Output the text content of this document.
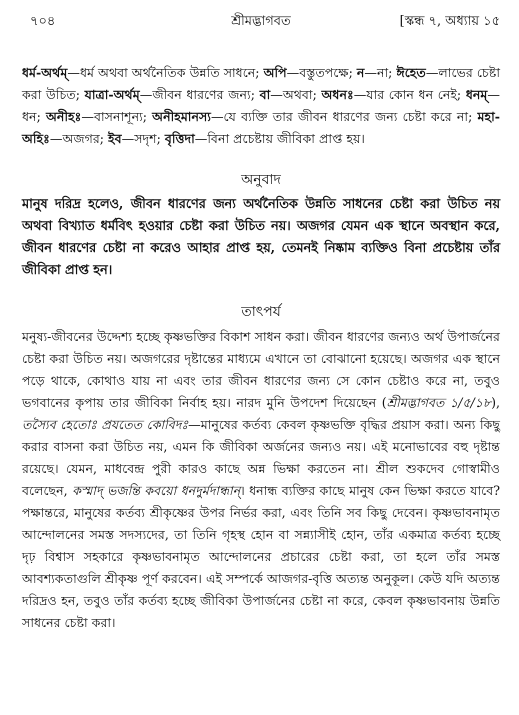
৭০৪	শ্রীমদ্ভাগবত	[স্কন্ধ ৭, অধ্যায় ১৫

ধর্ম-অর্থম্—ধর্ম অথবা অর্থনৈতিক উন্নতি সাধনে; অপি—বস্তুতপক্ষে; ন—না; ঈহেত—লাভের চেষ্টা করা উচিত; যাত্রা-অর্থম্—জীবন ধারণের জন্য; বা—অথবা; অধনঃ—যার কোন ধন নেই; ধনম্—ধন; অনীহঃ—বাসনাশূন্য; অনীহমানস্য—যে ব্যক্তি তার জীবন ধারণের জন্য চেষ্টা করে না; মহা-অহিঃ—অজগর; ইব—সদৃশ; বৃত্তিদা—বিনা প্রচেষ্টায় জীবিকা প্রাপ্ত হয়।

অনুবাদ

মানুষ দরিদ্র হলেও, জীবন ধারণের জন্য অর্থনৈতিক উন্নতি সাধনের চেষ্টা করা উচিত নয় অথবা বিখ্যাত ধর্মবিৎ হওয়ার চেষ্টা করা উচিত নয়। অজগর যেমন এক স্থানে অবস্থান করে, জীবন ধারণের চেষ্টা না করেও আহার প্রাপ্ত হয়, তেমনই নিষ্কাম ব্যক্তিও বিনা প্রচেষ্টায় তাঁর জীবিকা প্রাপ্ত হন।

তাৎপর্য

মনুষ্য-জীবনের উদ্দেশ্য হচ্ছে কৃষ্ণভক্তির বিকাশ সাধন করা। জীবন ধারণের জন্যও অর্থ উপার্জনের চেষ্টা করা উচিত নয়। অজগরের দৃষ্টান্তের মাধ্যমে এখানে তা বোঝানো হয়েছে। অজগর এক স্থানে পড়ে থাকে, কোথাও যায় না এবং তার জীবন ধারণের জন্য সে কোন চেষ্টাও করে না, তবুও ভগবানের কৃপায় তার জীবিকা নির্বাহ হয়। নারদ মুনি উপদেশ দিয়েছেন (শ্রীমদ্ভাগবত ১/৫/১৮), তস্যৈব হেতোঃ প্রযতেত কোবিদঃ—মানুষের কর্তব্য কেবল কৃষ্ণভক্তি বৃদ্ধির প্রয়াস করা। অন্য কিছু করার বাসনা করা উচিত নয়, এমন কি জীবিকা অর্জনের জন্যও নয়। এই মনোভাবের বহু দৃষ্টান্ত রয়েছে। যেমন, মাধবেন্দ্র পুরী কারও কাছে অন্ন ভিক্ষা করতেন না। শ্রীল শুকদেব গোস্বামীও বলেছেন, কস্মাদ্ ভজন্তি কবয়ো ধনদুর্মদান্ধান্। ধনান্ধ ব্যক্তির কাছে মানুষ কেন ভিক্ষা করতে যাবে? পক্ষান্তরে, মানুষের কর্তব্য শ্রীকৃষ্ণের উপর নির্ভর করা, এবং তিনি সব কিছু দেবেন। কৃষ্ণভাবনামৃত আন্দোলনের সমস্ত সদস্যদের, তা তিনি গৃহস্থ হোন বা সন্ন্যাসীই হোন, তাঁর একমাত্র কর্তব্য হচ্ছে দৃঢ় বিশ্বাস সহকারে কৃষ্ণভাবনামৃত আন্দোলনের প্রচারের চেষ্টা করা, তা হলে তাঁর সমস্ত আবশ্যকতাগুলি শ্রীকৃষ্ণ পূর্ণ করবেন। এই সম্পর্কে আজগর-বৃত্তি অত্যন্ত অনুকূল। কেউ যদি অত্যন্ত দরিদ্রও হন, তবুও তাঁর কর্তব্য হচ্ছে জীবিকা উপার্জনের চেষ্টা না করে, কেবল কৃষ্ণভাবনায় উন্নতি সাধনের চেষ্টা করা।
